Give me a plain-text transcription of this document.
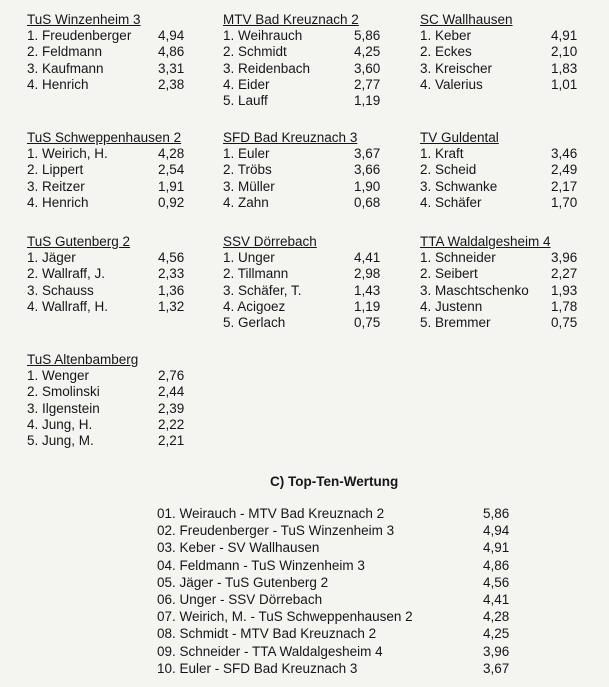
TuS Winzenheim 3
1. Freudenberger 4,94
2. Feldmann	4,86
3. Kaufmann	3,31
4. Henrich	2,38
MTV Bad Kreuznach 2
1. Weihrauch	5,86
2. Schmidt	4,25
3. Reidenbach	3,60
4. Eider	2,77
5. Lauff	1,19
SC Wallhausen
1. Keber	4,91
2. Eckes	2,10
3. Kreischer	1,83
4. Valerius	1,01
TuS Schweppenhausen 2
1. Weirich, H.	4,28
2. Lippert	2,54
3. Reitzer	1,91
4. Henrich	0,92
SFD Bad Kreuznach 3
1. Euler	3,67
2. Tröbs	3,66
3. Müller	1,90
4. Zahn	0,68
TV Guldental
1. Kraft	3,46
2. Scheid	2,49
3. Schwanke	2,17
4. Schäfer	1,70
TuS Gutenberg 2
1. Jäger	4,56
2. Wallraff, J.	2,33
3. Schauss	1,36
4. Wallraff, H.	1,32
SSV Dörrebach
1. Unger	4,41
2. Tillmann	2,98
3. Schäfer, T.	1,43
4. Acigoez	1,19
5. Gerlach	0,75
TTA Waldalgesheim 4
1. Schneider	3,96
2. Seibert	2,27
3. Maschtschenko 1,93
4. Justenn	1,78
5. Bremmer	0,75
TuS Altenbamberg
1. Wenger	2,76
2. Smolinski	2,44
3. Ilgenstein	2,39
4. Jung, H.	2,22
5. Jung, M.	2,21
C) Top-Ten-Wertung
01. Weirauch - MTV Bad Kreuznach 2	5,86
02. Freudenberger - TuS Winzenheim 3	4,94
03. Keber - SV Wallhausen	4,91
04. Feldmann - TuS Winzenheim 3	4,86
05. Jäger - TuS Gutenberg 2	4,56
06. Unger - SSV Dörrebach	4,41
07. Weirich, M. - TuS Schweppenhausen 2	4,28
08. Schmidt - MTV Bad Kreuznach 2	4,25
09. Schneider - TTA Waldalgesheim 4	3,96
10. Euler - SFD Bad Kreuznach 3	3,67
